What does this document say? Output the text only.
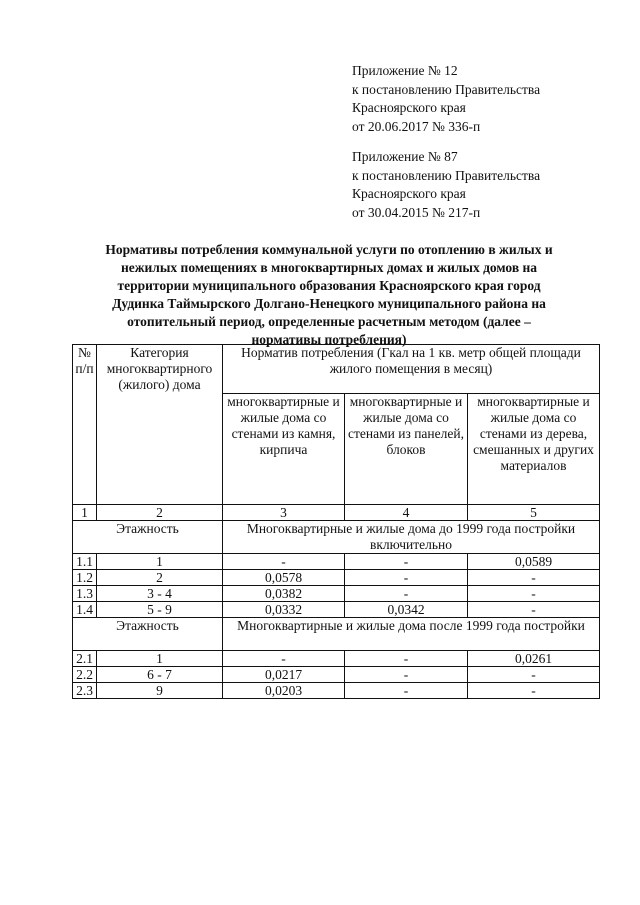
Приложение № 12
к постановлению Правительства
Красноярского края
от 20.06.2017 № 336-п
Приложение № 87
к постановлению Правительства
Красноярского края
от 30.04.2015 № 217-п
Нормативы потребления коммунальной услуги по отоплению в жилых и
нежилых помещениях в многоквартирных домах и жилых домов на
территории муниципального образования Красноярского края город
Дудинка Таймырского Долгано-Ненецкого муниципального района на
отопительный период, определенные расчетным методом (далее –
нормативы потребления)
№ п/п	Категория многоквартирного (жилого) дома	Норматив потребления (Гкал на 1 кв. метр общей площади жилого помещения в месяц)		
		многоквартирные и жилые дома со стенами из камня, кирпича	многоквартирные и жилые дома со стенами из панелей, блоков	многоквартирные и жилые дома со стенами из дерева, смешанных и других материалов
1	2	3	4	5
Этажность		Многоквартирные и жилые дома до 1999 года постройки включительно		
1.1	1	-	-	0,0589
1.2	2	0,0578	-	-
1.3	3 - 4	0,0382	-	-
1.4	5 - 9	0,0332	0,0342	-
Этажность		Многоквартирные и жилые дома после 1999 года постройки		
2.1	1	-	-	0,0261
2.2	6 - 7	0,0217	-	-
2.3	9	0,0203	-	-
